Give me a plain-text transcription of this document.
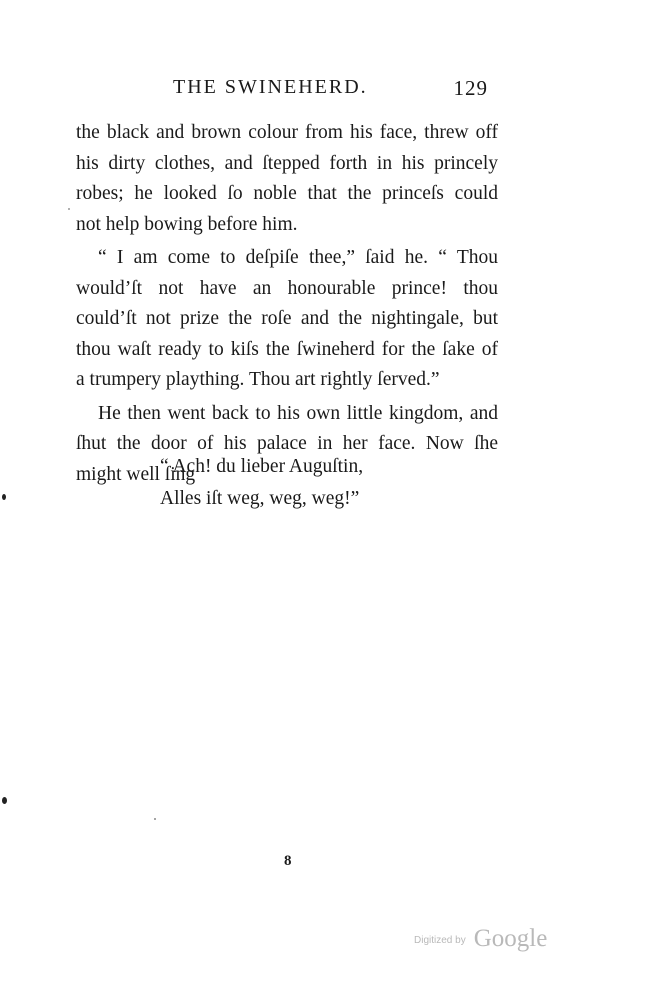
THE SWINEHERD.	129

the black and brown colour from his face, threw off
his dirty clothes, and ſtepped forth in his princely
robes; he looked ſo noble that the princeſs could
not help bowing before him.

“ I am come to deſpiſe thee,” ſaid he. “ Thou
would’ſt not have an honourable prince! thou
could’ſt not prize the roſe and the nightingale, but
thou waſt ready to kiſs the ſwineherd for the ſake of
a trumpery plaything. Thou art rightly ſerved.”

He then went back to his own little kingdom, and
ſhut the door of his palace in her face. Now ſhe
might well ſing

“ Ach! du lieber Auguſtin,
Alles iſt weg, weg, weg!”
8
Digitized by Google
